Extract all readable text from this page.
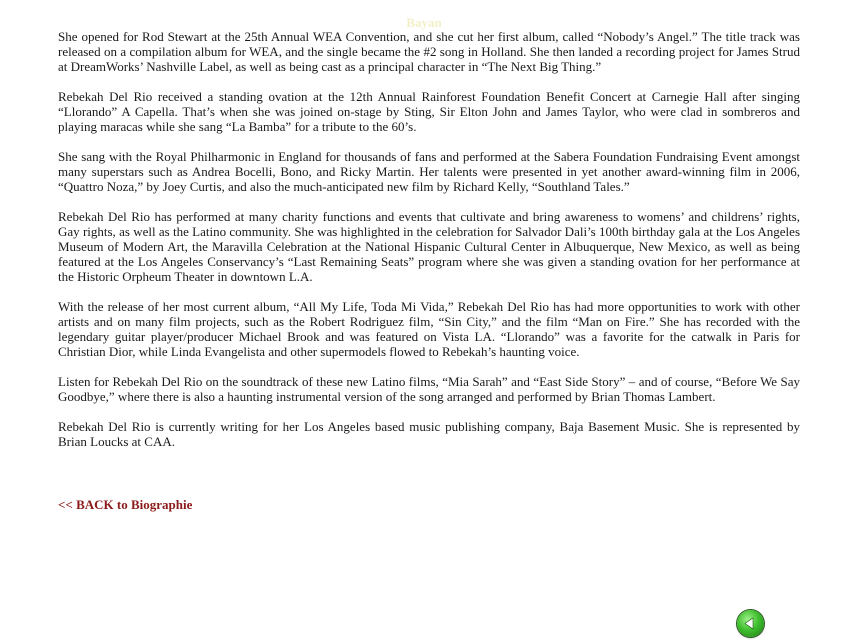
Bayan

She opened for Rod Stewart at the 25th Annual WEA Convention, and she cut her first album, called “Nobody’s Angel.” The title track was released on a compilation album for WEA, and the single became the #2 song in Holland. She then landed a recording project for James Strud at DreamWorks’ Nashville Label, as well as being cast as a principal character in “The Next Big Thing.”

Rebekah Del Rio received a standing ovation at the 12th Annual Rainforest Foundation Benefit Concert at Carnegie Hall after singing “Llorando” A Capella. That’s when she was joined on-stage by Sting, Sir Elton John and James Taylor, who were clad in sombreros and playing maracas while she sang “La Bamba” for a tribute to the 60’s.

She sang with the Royal Philharmonic in England for thousands of fans and performed at the Sabera Foundation Fundraising Event amongst many superstars such as Andrea Bocelli, Bono, and Ricky Martin. Her talents were presented in yet another award-winning film in 2006, “Quattro Noza,” by Joey Curtis, and also the much-anticipated new film by Richard Kelly, “Southland Tales.”

Rebekah Del Rio has performed at many charity functions and events that cultivate and bring awareness to womens’ and childrens’ rights, Gay rights, as well as the Latino community. She was highlighted in the celebration for Salvador Dali’s 100th birthday gala at the Los Angeles Museum of Modern Art, the Maravilla Celebration at the National Hispanic Cultural Center in Albuquerque, New Mexico, as well as being featured at the Los Angeles Conservancy’s “Last Remaining Seats” program where she was given a standing ovation for her performance at the Historic Orpheum Theater in downtown L.A.

With the release of her most current album, “All My Life, Toda Mi Vida,” Rebekah Del Rio has had more opportunities to work with other artists and on many film projects, such as the Robert Rodriguez film, “Sin City,” and the film “Man on Fire.” She has recorded with the legendary guitar player/producer Michael Brook and was featured on Vista LA. “Llorando” was a favorite for the catwalk in Paris for Christian Dior, while Linda Evangelista and other supermodels flowed to Rebekah’s haunting voice.

Listen for Rebekah Del Rio on the soundtrack of these new Latino films, “Mia Sarah” and “East Side Story” – and of course, “Before We Say Goodbye,” where there is also a haunting instrumental version of the song arranged and performed by Brian Thomas Lambert.

Rebekah Del Rio is currently writing for her Los Angeles based music publishing company, Baja Basement Music. She is represented by Brian Loucks at CAA.

<< BACK to Biographie
